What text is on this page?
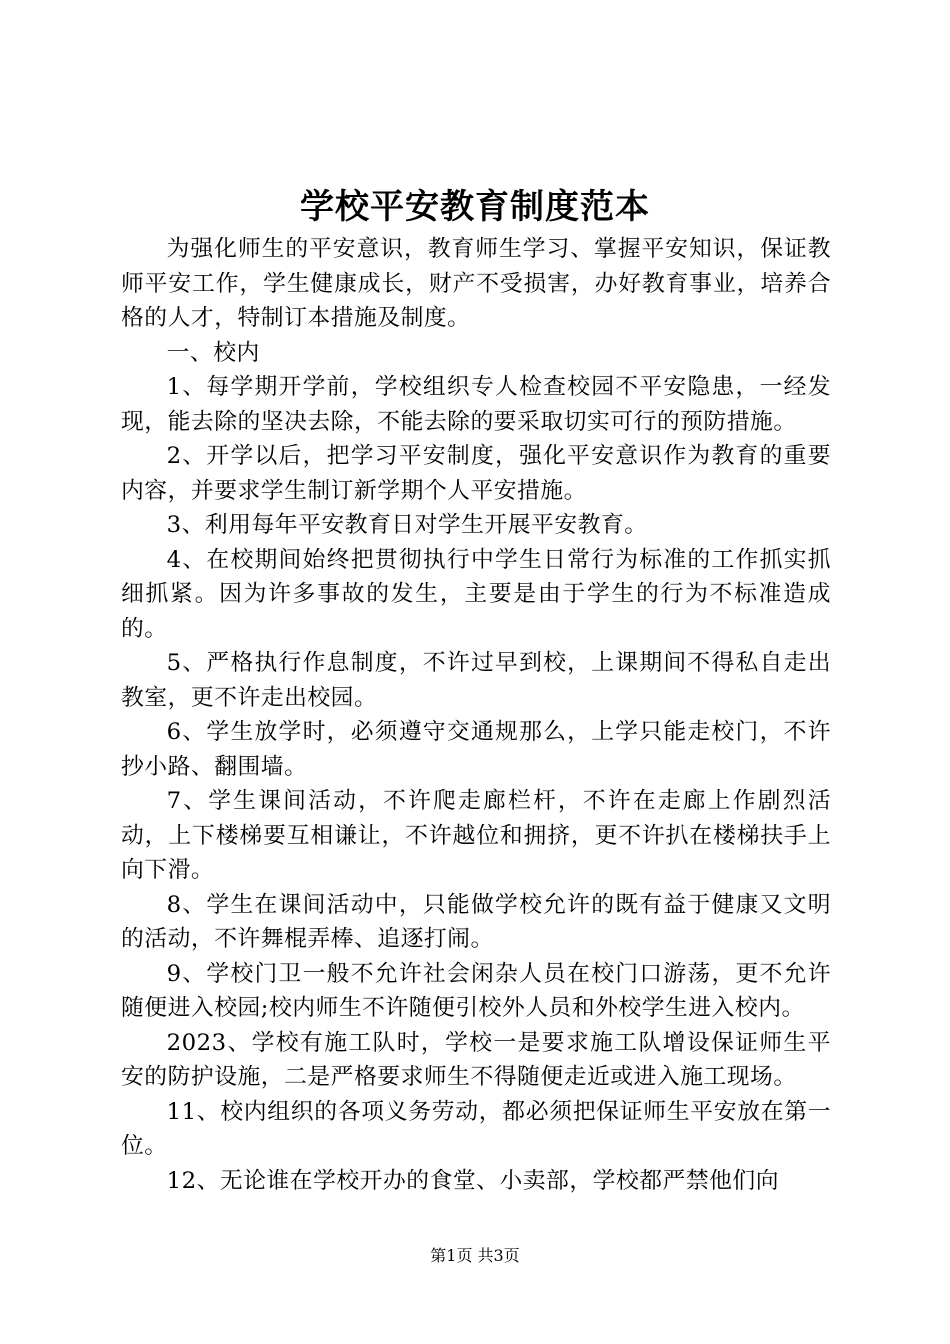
学校平安教育制度范本

为强化师生的平安意识，教育师生学习、掌握平安知识，保证教师平安工作，学生健康成长，财产不受损害，办好教育事业，培养合格的人才，特制订本措施及制度。

一、校内

1、每学期开学前，学校组织专人检查校园不平安隐患，一经发现，能去除的坚决去除，不能去除的要采取切实可行的预防措施。

2、开学以后，把学习平安制度，强化平安意识作为教育的重要内容，并要求学生制订新学期个人平安措施。

3、利用每年平安教育日对学生开展平安教育。

4、在校期间始终把贯彻执行中学生日常行为标准的工作抓实抓细抓紧。因为许多事故的发生，主要是由于学生的行为不标准造成的。

5、严格执行作息制度，不许过早到校，上课期间不得私自走出教室，更不许走出校园。

6、学生放学时，必须遵守交通规那么，上学只能走校门，不许抄小路、翻围墙。

7、学生课间活动，不许爬走廊栏杆，不许在走廊上作剧烈活动，上下楼梯要互相谦让，不许越位和拥挤，更不许扒在楼梯扶手上向下滑。

8、学生在课间活动中，只能做学校允许的既有益于健康又文明的活动，不许舞棍弄棒、追逐打闹。

9、学校门卫一般不允许社会闲杂人员在校门口游荡，更不允许随便进入校园;校内师生不许随便引校外人员和外校学生进入校内。

2023、学校有施工队时，学校一是要求施工队增设保证师生平安的防护设施，二是严格要求师生不得随便走近或进入施工现场。

11、校内组织的各项义务劳动，都必须把保证师生平安放在第一位。

12、无论谁在学校开办的食堂、小卖部，学校都严禁他们向

第1页 共3页
